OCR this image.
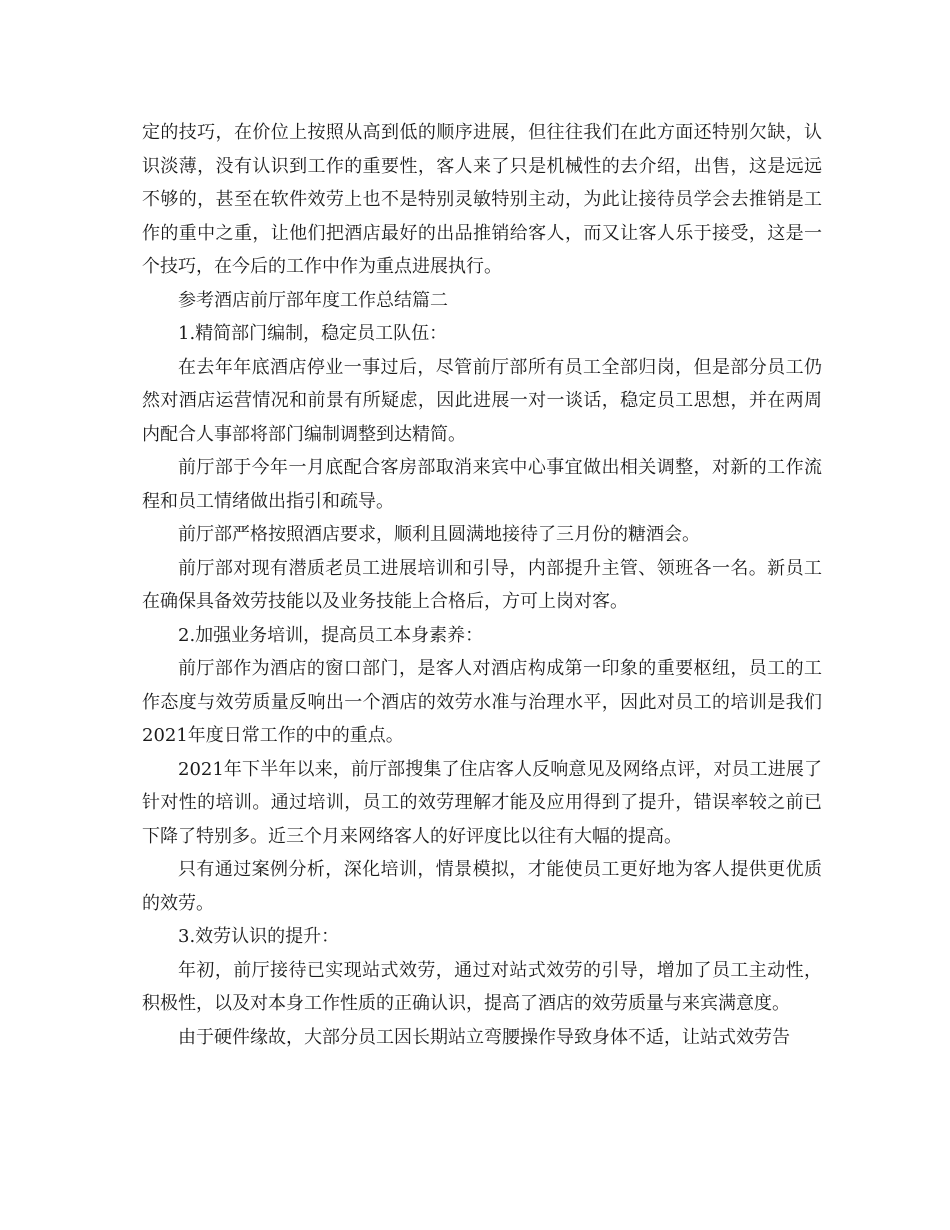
定的技巧，在价位上按照从高到低的顺序进展，但往往我们在此方面还特别欠缺，认识淡薄，没有认识到工作的重要性，客人来了只是机械性的去介绍，出售，这是远远不够的，甚至在软件效劳上也不是特别灵敏特别主动，为此让接待员学会去推销是工作的重中之重，让他们把酒店最好的出品推销给客人，而又让客人乐于接受，这是一个技巧，在今后的工作中作为重点进展执行。

参考酒店前厅部年度工作总结篇二

1.精简部门编制，稳定员工队伍：

在去年年底酒店停业一事过后，尽管前厅部所有员工全部归岗，但是部分员工仍然对酒店运营情况和前景有所疑虑，因此进展一对一谈话，稳定员工思想，并在两周内配合人事部将部门编制调整到达精简。

前厅部于今年一月底配合客房部取消来宾中心事宜做出相关调整，对新的工作流程和员工情绪做出指引和疏导。

前厅部严格按照酒店要求，顺利且圆满地接待了三月份的糖酒会。

前厅部对现有潜质老员工进展培训和引导，内部提升主管、领班各一名。新员工在确保具备效劳技能以及业务技能上合格后，方可上岗对客。

2.加强业务培训，提高员工本身素养：

前厅部作为酒店的窗口部门，是客人对酒店构成第一印象的重要枢纽，员工的工作态度与效劳质量反响出一个酒店的效劳水准与治理水平，因此对员工的培训是我们2021年度日常工作的中的重点。

2021年下半年以来，前厅部搜集了住店客人反响意见及网络点评，对员工进展了针对性的培训。通过培训，员工的效劳理解才能及应用得到了提升，错误率较之前已下降了特别多。近三个月来网络客人的好评度比以往有大幅的提高。

只有通过案例分析，深化培训，情景模拟，才能使员工更好地为客人提供更优质的效劳。

3.效劳认识的提升：

年初，前厅接待已实现站式效劳，通过对站式效劳的引导，增加了员工主动性，积极性，以及对本身工作性质的正确认识，提高了酒店的效劳质量与来宾满意度。

由于硬件缘故，大部分员工因长期站立弯腰操作导致身体不适，让站式效劳告
